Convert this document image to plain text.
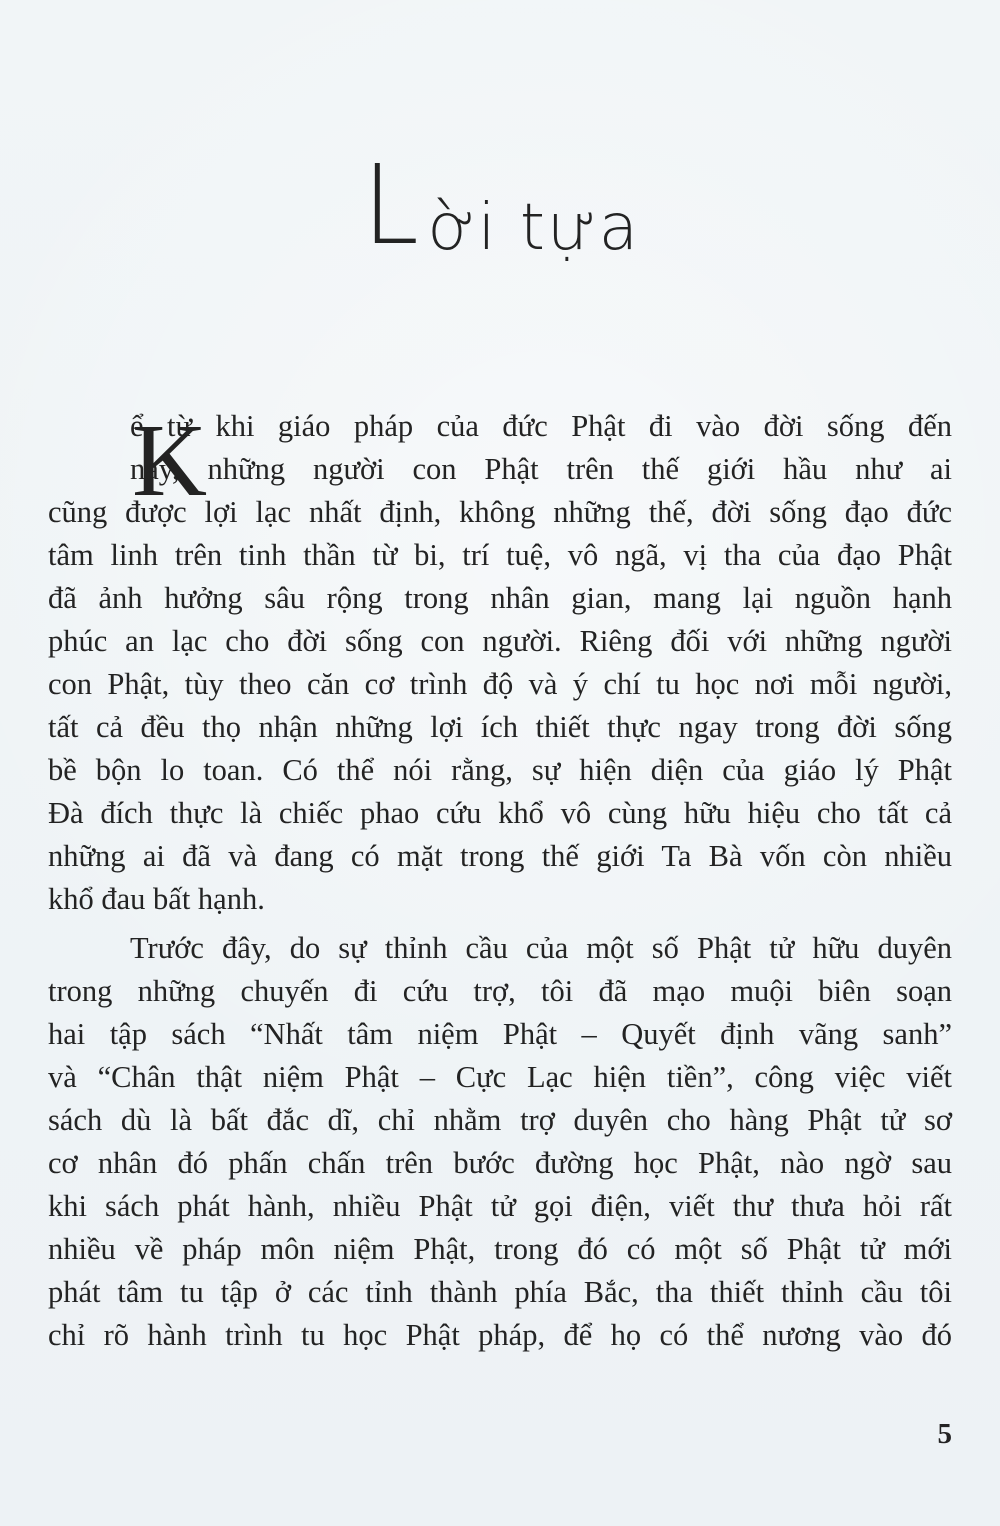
L ời tựa
K
ể từ khi giáo pháp của đức Phật đi vào đời sống đến
nay, những người con Phật trên thế giới hầu như ai
cũng được lợi lạc nhất định, không những thế, đời sống đạo đức
tâm linh trên tinh thần từ bi, trí tuệ, vô ngã, vị tha của đạo Phật
đã ảnh hưởng sâu rộng trong nhân gian, mang lại nguồn hạnh
phúc an lạc cho đời sống con người. Riêng đối với những người
con Phật, tùy theo căn cơ trình độ và ý chí tu học nơi mỗi người,
tất cả đều thọ nhận những lợi ích thiết thực ngay trong đời sống
bề bộn lo toan. Có thể nói rằng, sự hiện diện của giáo lý Phật
Đà đích thực là chiếc phao cứu khổ vô cùng hữu hiệu cho tất cả
những ai đã và đang có mặt trong thế giới Ta Bà vốn còn nhiều
khổ đau bất hạnh.
Trước đây, do sự thỉnh cầu của một số Phật tử hữu duyên
trong những chuyến đi cứu trợ, tôi đã mạo muội biên soạn
hai tập sách “Nhất tâm niệm Phật – Quyết định vãng sanh”
và “Chân thật niệm Phật – Cực Lạc hiện tiền”, công việc viết
sách dù là bất đắc dĩ, chỉ nhằm trợ duyên cho hàng Phật tử sơ
cơ nhân đó phấn chấn trên bước đường học Phật, nào ngờ sau
khi sách phát hành, nhiều Phật tử gọi điện, viết thư thưa hỏi rất
nhiều về pháp môn niệm Phật, trong đó có một số Phật tử mới
phát tâm tu tập ở các tỉnh thành phía Bắc, tha thiết thỉnh cầu tôi
chỉ rõ hành trình tu học Phật pháp, để họ có thể nương vào đó
5
